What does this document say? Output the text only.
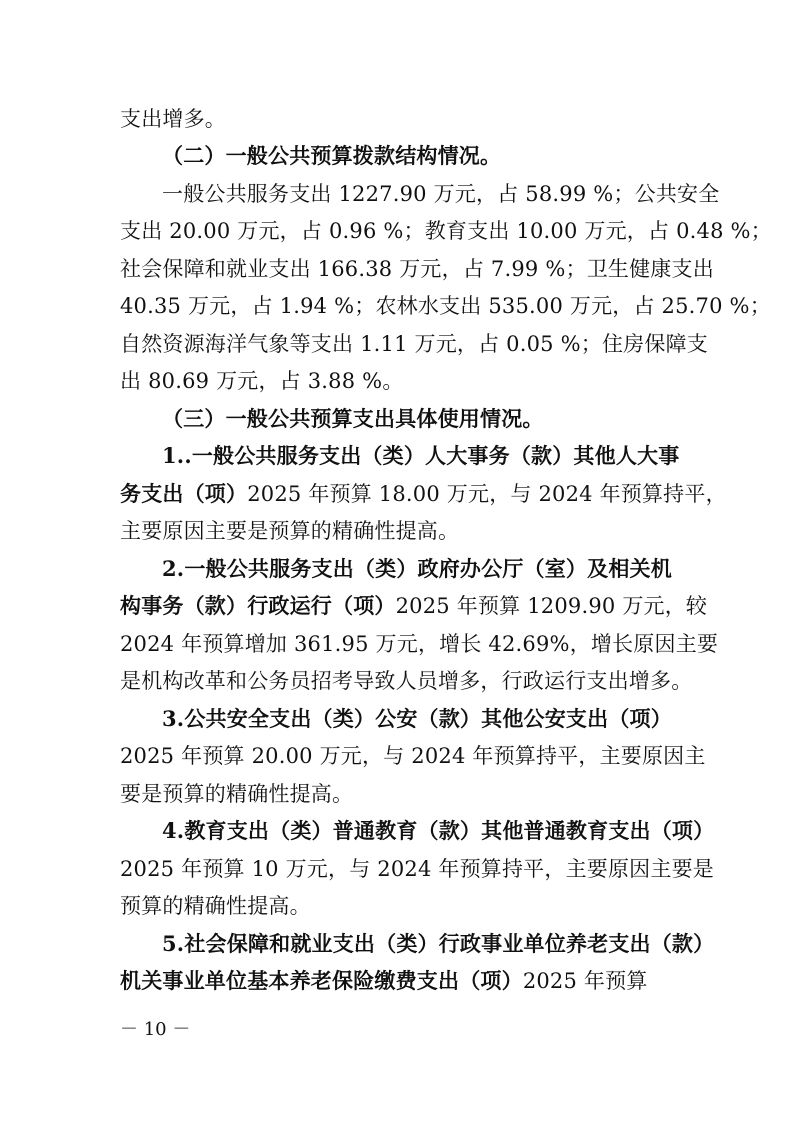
支出增多。
（二）一般公共预算拨款结构情况。
一般公共服务支出 1227.90 万元，占 58.99 %；公共安全
支出 20.00 万元，占 0.96 %；教育支出 10.00 万元，占 0.48 %；
社会保障和就业支出 166.38 万元，占 7.99 %；卫生健康支出
40.35 万元，占 1.94 %；农林水支出 535.00 万元，占 25.70 %；
自然资源海洋气象等支出 1.11 万元，占 0.05 %；住房保障支
出 80.69 万元，占 3.88 %。
（三）一般公共预算支出具体使用情况。
1..一般公共服务支出（类）人大事务（款）其他人大事
务支出（项）2025 年预算 18.00 万元，与 2024 年预算持平，
主要原因主要是预算的精确性提高。
2.一般公共服务支出（类）政府办公厅（室）及相关机
构事务（款）行政运行（项）2025 年预算 1209.90 万元，较
2024 年预算增加 361.95 万元，增长 42.69%，增长原因主要
是机构改革和公务员招考导致人员增多，行政运行支出增多。
3.公共安全支出（类）公安（款）其他公安支出（项）
2025 年预算 20.00 万元，与 2024 年预算持平，主要原因主
要是预算的精确性提高。
4.教育支出（类）普通教育（款）其他普通教育支出（项）
2025 年预算 10 万元，与 2024 年预算持平，主要原因主要是
预算的精确性提高。
5.社会保障和就业支出（类）行政事业单位养老支出（款）
机关事业单位基本养老保险缴费支出（项）2025 年预算
－ 10 －
